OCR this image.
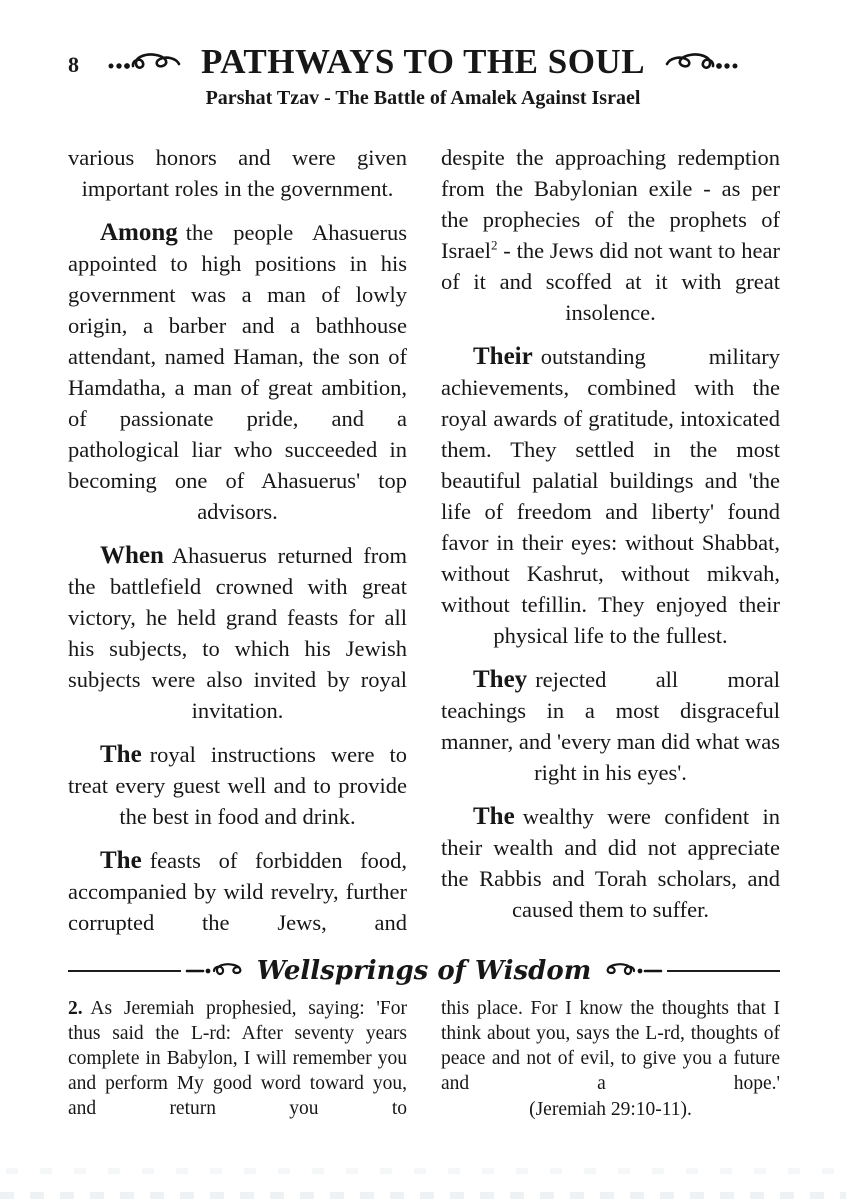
8	PATHWAYS TO THE SOUL
Parshat Tzav - The Battle of Amalek Against Israel

various honors and were given important roles in the government.

Among the people Ahasuerus appointed to high positions in his government was a man of lowly origin, a barber and a bathhouse attendant, named Haman, the son of Hamdatha, a man of great ambition, of passionate pride, and a pathological liar who succeeded in becoming one of Ahasuerus' top advisors.

When Ahasuerus returned from the battlefield crowned with great victory, he held grand feasts for all his subjects, to which his Jewish subjects were also invited by royal invitation.

The royal instructions were to treat every guest well and to provide the best in food and drink.

The feasts of forbidden food, accompanied by wild revelry, further corrupted the Jews, and

despite the approaching redemption from the Babylonian exile - as per the prophecies of the prophets of Israel$^2$ - the Jews did not want to hear of it and scoffed at it with great insolence.

Their outstanding military achievements, combined with the royal awards of gratitude, intoxicated them. They settled in the most beautiful palatial buildings and 'the life of freedom and liberty' found favor in their eyes: without Shabbat, without Kashrut, without mikvah, without tefillin. They enjoyed their physical life to the fullest.

They rejected all moral teachings in a most disgraceful manner, and 'every man did what was right in his eyes'.

The wealthy were confident in their wealth and did not appreciate the Rabbis and Torah scholars, and caused them to suffer.

Wellsprings of Wisdom

2. As Jeremiah prophesied, saying: 'For thus said the L-rd: After seventy years complete in Babylon, I will remember you and perform My good word toward you, and return you to

this place. For I know the thoughts that I think about you, says the L-rd, thoughts of peace and not of evil, to give you a future and a hope.'

(Jeremiah 29:10-11).
